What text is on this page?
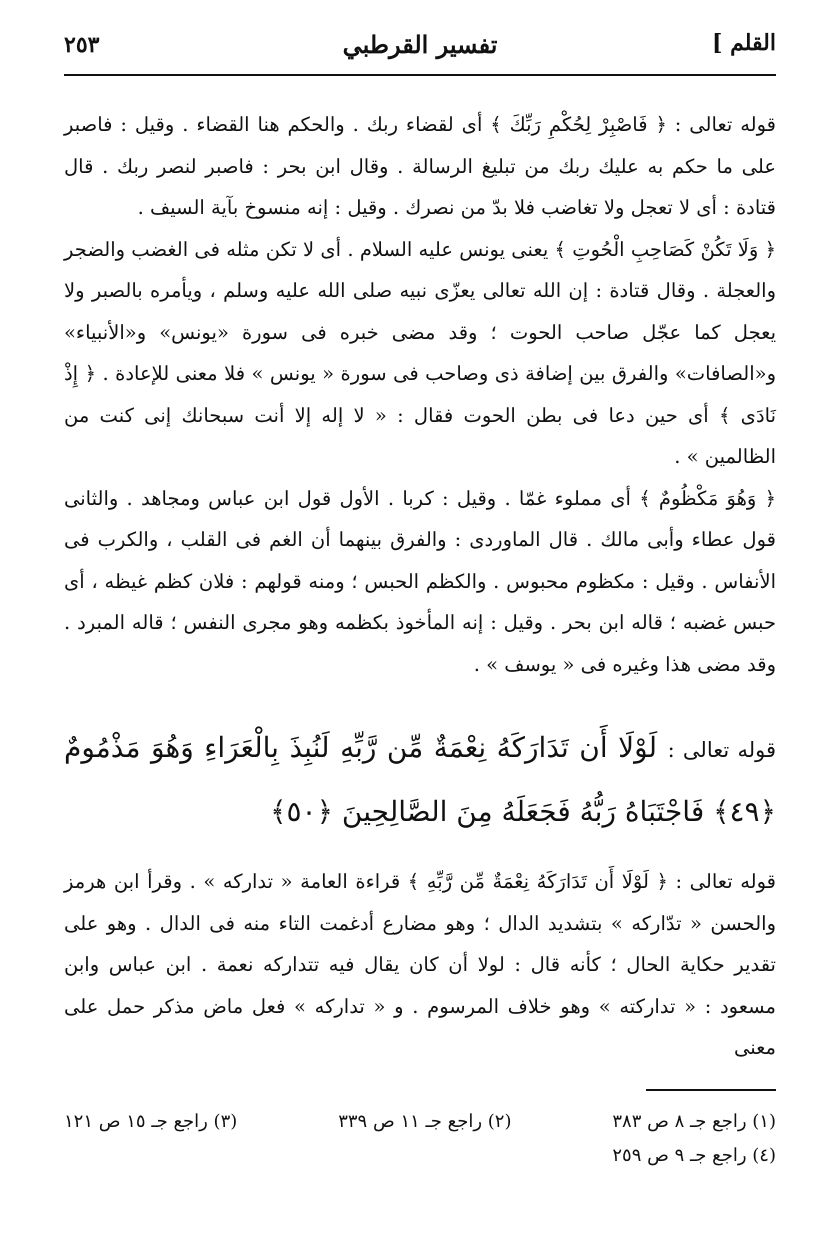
القلم ]
تفسير القرطبي
٢٥٣

قوله تعالى : ﴿ فَاصْبِرْ لِحُكْمِ رَبِّكَ ﴾ أى لقضاء ربك . والحكم هنا القضاء . وقيل : فاصبر على ما حكم به عليك ربك من تبليغ الرسالة . وقال ابن بحر : فاصبر لنصر ربك . قال قتادة : أى لا تعجل ولا تغاضب فلا بدّ من نصرك . وقيل : إنه منسوخ بآية السيف .

﴿ وَلَا تَكُنْ كَصَاحِبِ الْحُوتِ ﴾ يعنى يونس عليه السلام . أى لا تكن مثله فى الغضب والضجر والعجلة . وقال قتادة : إن الله تعالى يعزّى نبيه صلى الله عليه وسلم ، ويأمره بالصبر ولا يعجل كما عجّل صاحب الحوت ؛ وقد مضى خبره فى سورة «يونس» و«الأنبياء» و«الصافات» والفرق بين إضافة ذى وصاحب فى سورة « يونس » فلا معنى للإعادة . ﴿ إِذْ نَادَى ﴾ أى حين دعا فى بطن الحوت فقال : « لا إله إلا أنت سبحانك إنى كنت من الظالمين » .

﴿ وَهُوَ مَكْظُومٌ ﴾ أى مملوء غمّا . وقيل : كربا . الأول قول ابن عباس ومجاهد . والثانى قول عطاء وأبى مالك . قال الماوردى : والفرق بينهما أن الغم فى القلب ، والكرب فى الأنفاس . وقيل : مكظوم محبوس . والكظم الحبس ؛ ومنه قولهم : فلان كظم غيظه ، أى حبس غضبه ؛ قاله ابن بحر . وقيل : إنه المأخوذ بكظمه وهو مجرى النفس ؛ قاله المبرد . وقد مضى هذا وغيره فى « يوسف » .

قوله تعالى : لَوْلَا أَن تَدَارَكَهُ نِعْمَةٌ مِّن رَّبِّهِ لَنُبِذَ بِالْعَرَاءِ وَهُوَ مَذْمُومٌ ﴿٤٩﴾ فَاجْتَبَاهُ رَبُّهُ فَجَعَلَهُ مِنَ الصَّالِحِينَ ﴿٥٠﴾

قوله تعالى : ﴿ لَوْلَا أَن تَدَارَكَهُ نِعْمَةٌ مِّن رَّبِّهِ ﴾ قراءة العامة « تداركه » . وقرأ ابن هرمز والحسن « تدّاركه » بتشديد الدال ؛ وهو مضارع أدغمت التاء منه فى الدال . وهو على تقدير حكاية الحال ؛ كأنه قال : لولا أن كان يقال فيه تتداركه نعمة . ابن عباس وابن مسعود : « تداركته » وهو خلاف المرسوم . و « تداركه » فعل ماض مذكر حمل على معنى

(١) راجع جـ ٨ ص ٣٨٣
(٢) راجع جـ ١١ ص ٣٣٩
(٣) راجع جـ ١٥ ص ١٢١
(٤) راجع جـ ٩ ص ٢٥٩
